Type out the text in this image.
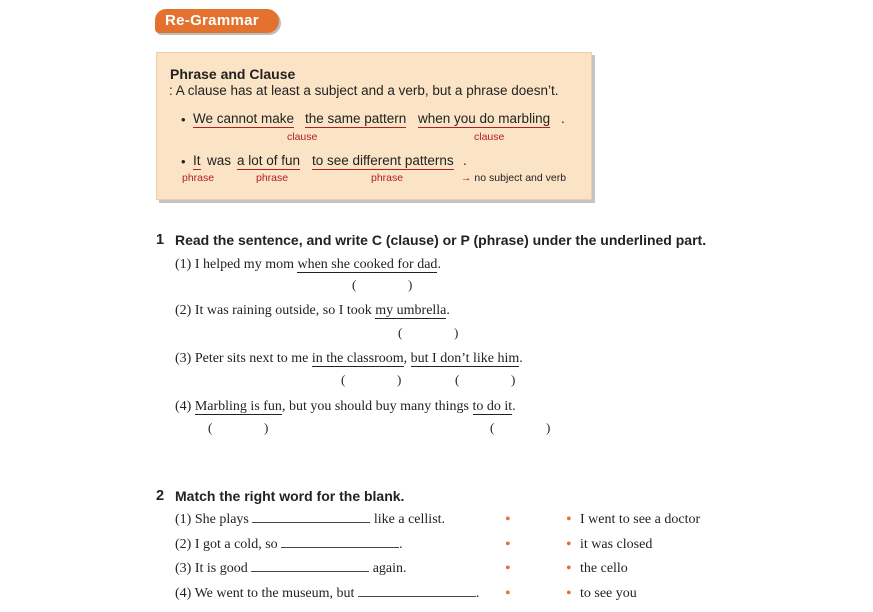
Re-Grammar
Phrase and Clause
: A clause has at least a subject and a verb, but a phrase doesn’t.
• We cannot make the same pattern when you do marbling .
clause	clause
• It was a lot of fun to see different patterns .
phrase	phrase	phrase	→ no subject and verb
1 Read the sentence, and write C (clause) or P (phrase) under the underlined part.
(1) I helped my mom when she cooked for dad.
(	)
(2) It was raining outside, so I took my umbrella.
(	)
(3) Peter sits next to me in the classroom, but I don’t like him.
(	)	(	)
(4) Marbling is fun, but you should buy many things to do it.
(	)	(	)
2 Match the right word for the blank.
(1) She plays	like a cellist.
(2) I got a cold, so	.
(3) It is good	again.
(4) We went to the museum, but	.
•
•
•
•
•
•
•
•
I went to see a doctor
it was closed
the cello
to see you
